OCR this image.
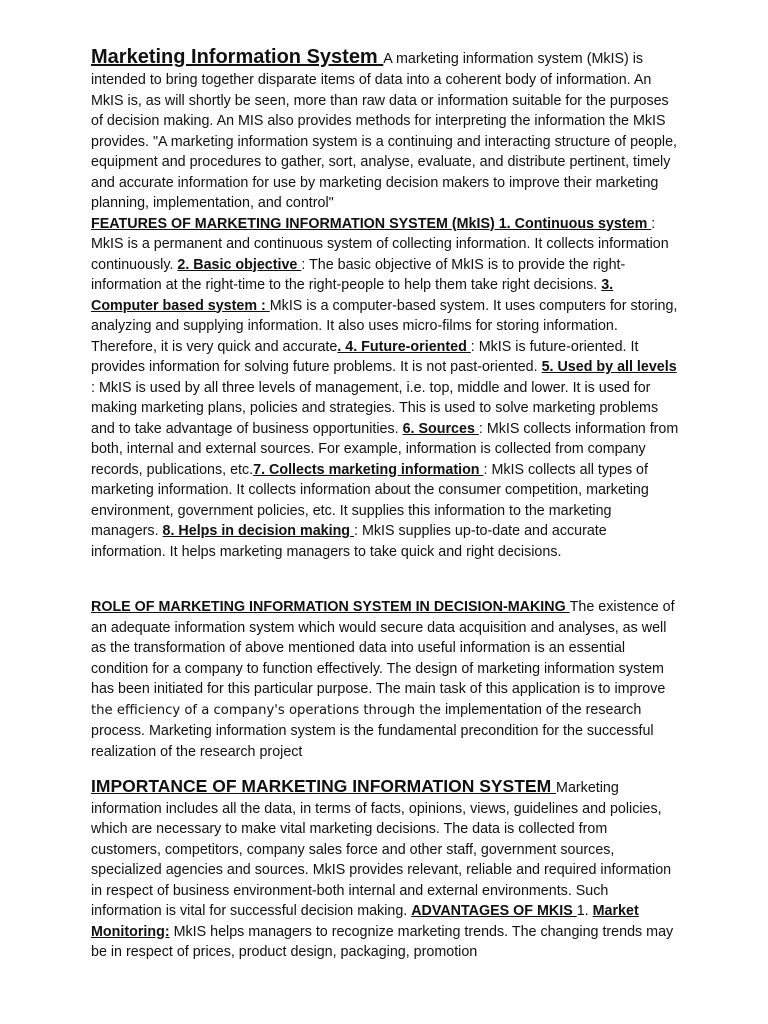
Marketing Information System A marketing information system (MkIS) is intended to bring together disparate items of data into a coherent body of information. An MkIS is, as will shortly be seen, more than raw data or information suitable for the purposes of decision making. An MIS also provides methods for interpreting the information the MkIS provides. "A marketing information system is a continuing and interacting structure of people, equipment and procedures to gather, sort, analyse, evaluate, and distribute pertinent, timely and accurate information for use by marketing decision makers to improve their marketing planning, implementation, and control"
FEATURES OF MARKETING INFORMATION SYSTEM (MkIS) 1. Continuous system : MkIS is a permanent and continuous system of collecting information. It collects information continuously. 2. Basic objective : The basic objective of MkIS is to provide the right-information at the right-time to the right-people to help them take right decisions. 3. Computer based system : MkIS is a computer-based system. It uses computers for storing, analyzing and supplying information. It also uses micro-films for storing information. Therefore, it is very quick and accurate. 4. Future-oriented : MkIS is future-oriented. It provides information for solving future problems. It is not past-oriented. 5. Used by all levels : MkIS is used by all three levels of management, i.e. top, middle and lower. It is used for making marketing plans, policies and strategies. This is used to solve marketing problems and to take advantage of business opportunities. 6. Sources : MkIS collects information from both, internal and external sources. For example, information is collected from company records, publications, etc.7. Collects marketing information : MkIS collects all types of marketing information. It collects information about the consumer competition, marketing environment, government policies, etc. It supplies this information to the marketing managers. 8. Helps in decision making : MkIS supplies up-to-date and accurate information. It helps marketing managers to take quick and right decisions.

ROLE OF MARKETING INFORMATION SYSTEM IN DECISION-MAKING The existence of an adequate information system which would secure data acquisition and analyses, as well as the transformation of above mentioned data into useful information is an essential condition for a company to function effectively. The design of marketing information system has been initiated for this particular purpose. The main task of this application is to improve the efficiency of a company's operations through the implementation of the research process. Marketing information system is the fundamental precondition for the successful realization of the research project

IMPORTANCE OF MARKETING INFORMATION SYSTEM Marketing information includes all the data, in terms of facts, opinions, views, guidelines and policies, which are necessary to make vital marketing decisions. The data is collected from customers, competitors, company sales force and other staff, government sources, specialized agencies and sources. MkIS provides relevant, reliable and required information in respect of business environment-both internal and external environments. Such information is vital for successful decision making. ADVANTAGES OF MKIS 1. Market Monitoring: MkIS helps managers to recognize marketing trends. The changing trends may be in respect of prices, product design, packaging, promotion
